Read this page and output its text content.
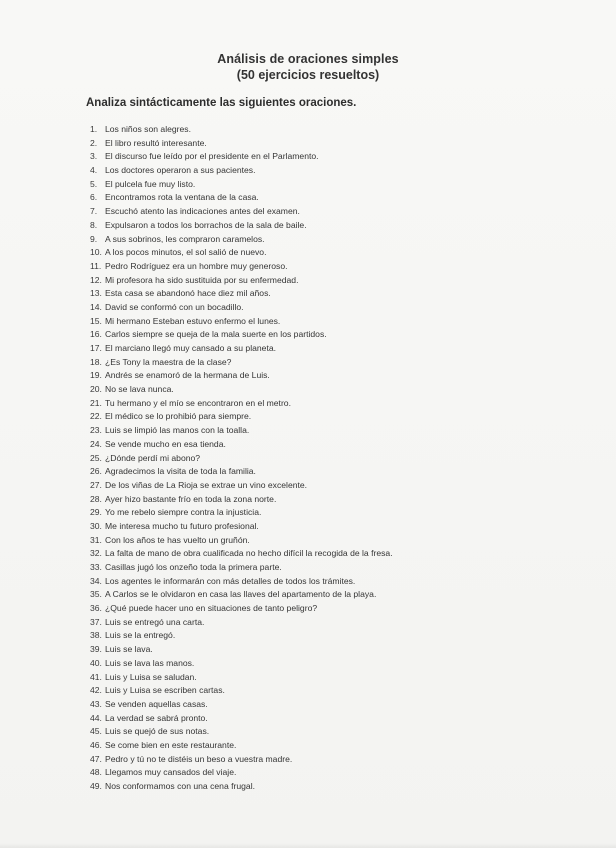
Análisis de oraciones simples
(50 ejercicios resueltos)
Analiza sintácticamente las siguientes oraciones.
1. Los niños son alegres.
2. El libro resultó interesante.
3. El discurso fue leído por el presidente en el Parlamento.
4. Los doctores operaron a sus pacientes.
5. El pulcela fue muy listo.
6. Encontramos rota la ventana de la casa.
7. Escuchó atento las indicaciones antes del examen.
8. Expulsaron a todos los borrachos de la sala de baile.
9. A sus sobrinos, les compraron caramelos.
10. A los pocos minutos, el sol salió de nuevo.
11. Pedro Rodríguez era un hombre muy generoso.
12. Mi profesora ha sido sustituida por su enfermedad.
13. Esta casa se abandonó hace diez mil años.
14. David se conformó con un bocadillo.
15. Mi hermano Esteban estuvo enfermo el lunes.
16. Carlos siempre se queja de la mala suerte en los partidos.
17. El marciano llegó muy cansado a su planeta.
18. ¿Es Tony la maestra de la clase?
19. Andrés se enamoró de la hermana de Luis.
20. No se lava nunca.
21. Tu hermano y el mío se encontraron en el metro.
22. El médico se lo prohibió para siempre.
23. Luis se limpió las manos con la toalla.
24. Se vende mucho en esa tienda.
25. ¿Dónde perdí mi abono?
26. Agradecimos la visita de toda la familia.
27. De los viñas de La Rioja se extrae un vino excelente.
28. Ayer hizo bastante frío en toda la zona norte.
29. Yo me rebelo siempre contra la injusticia.
30. Me interesa mucho tu futuro profesional.
31. Con los años te has vuelto un gruñón.
32. La falta de mano de obra cualificada no hecho difícil la recogida de la fresa.
33. Casillas jugó los onzeño toda la primera parte.
34. Los agentes le informarán con más detalles de todos los trámites.
35. A Carlos se le olvidaron en casa las llaves del apartamento de la playa.
36. ¿Qué puede hacer uno en situaciones de tanto peligro?
37. Luis se entregó una carta.
38. Luis se la entregó.
39. Luis se lava.
40. Luis se lava las manos.
41. Luis y Luisa se saludan.
42. Luis y Luisa se escriben cartas.
43. Se venden aquellas casas.
44. La verdad se sabrá pronto.
45. Luis se quejó de sus notas.
46. Se come bien en este restaurante.
47. Pedro y tú no te distéis un beso a vuestra madre.
48. Llegamos muy cansados del viaje.
49. Nos conformamos con una cena frugal.
